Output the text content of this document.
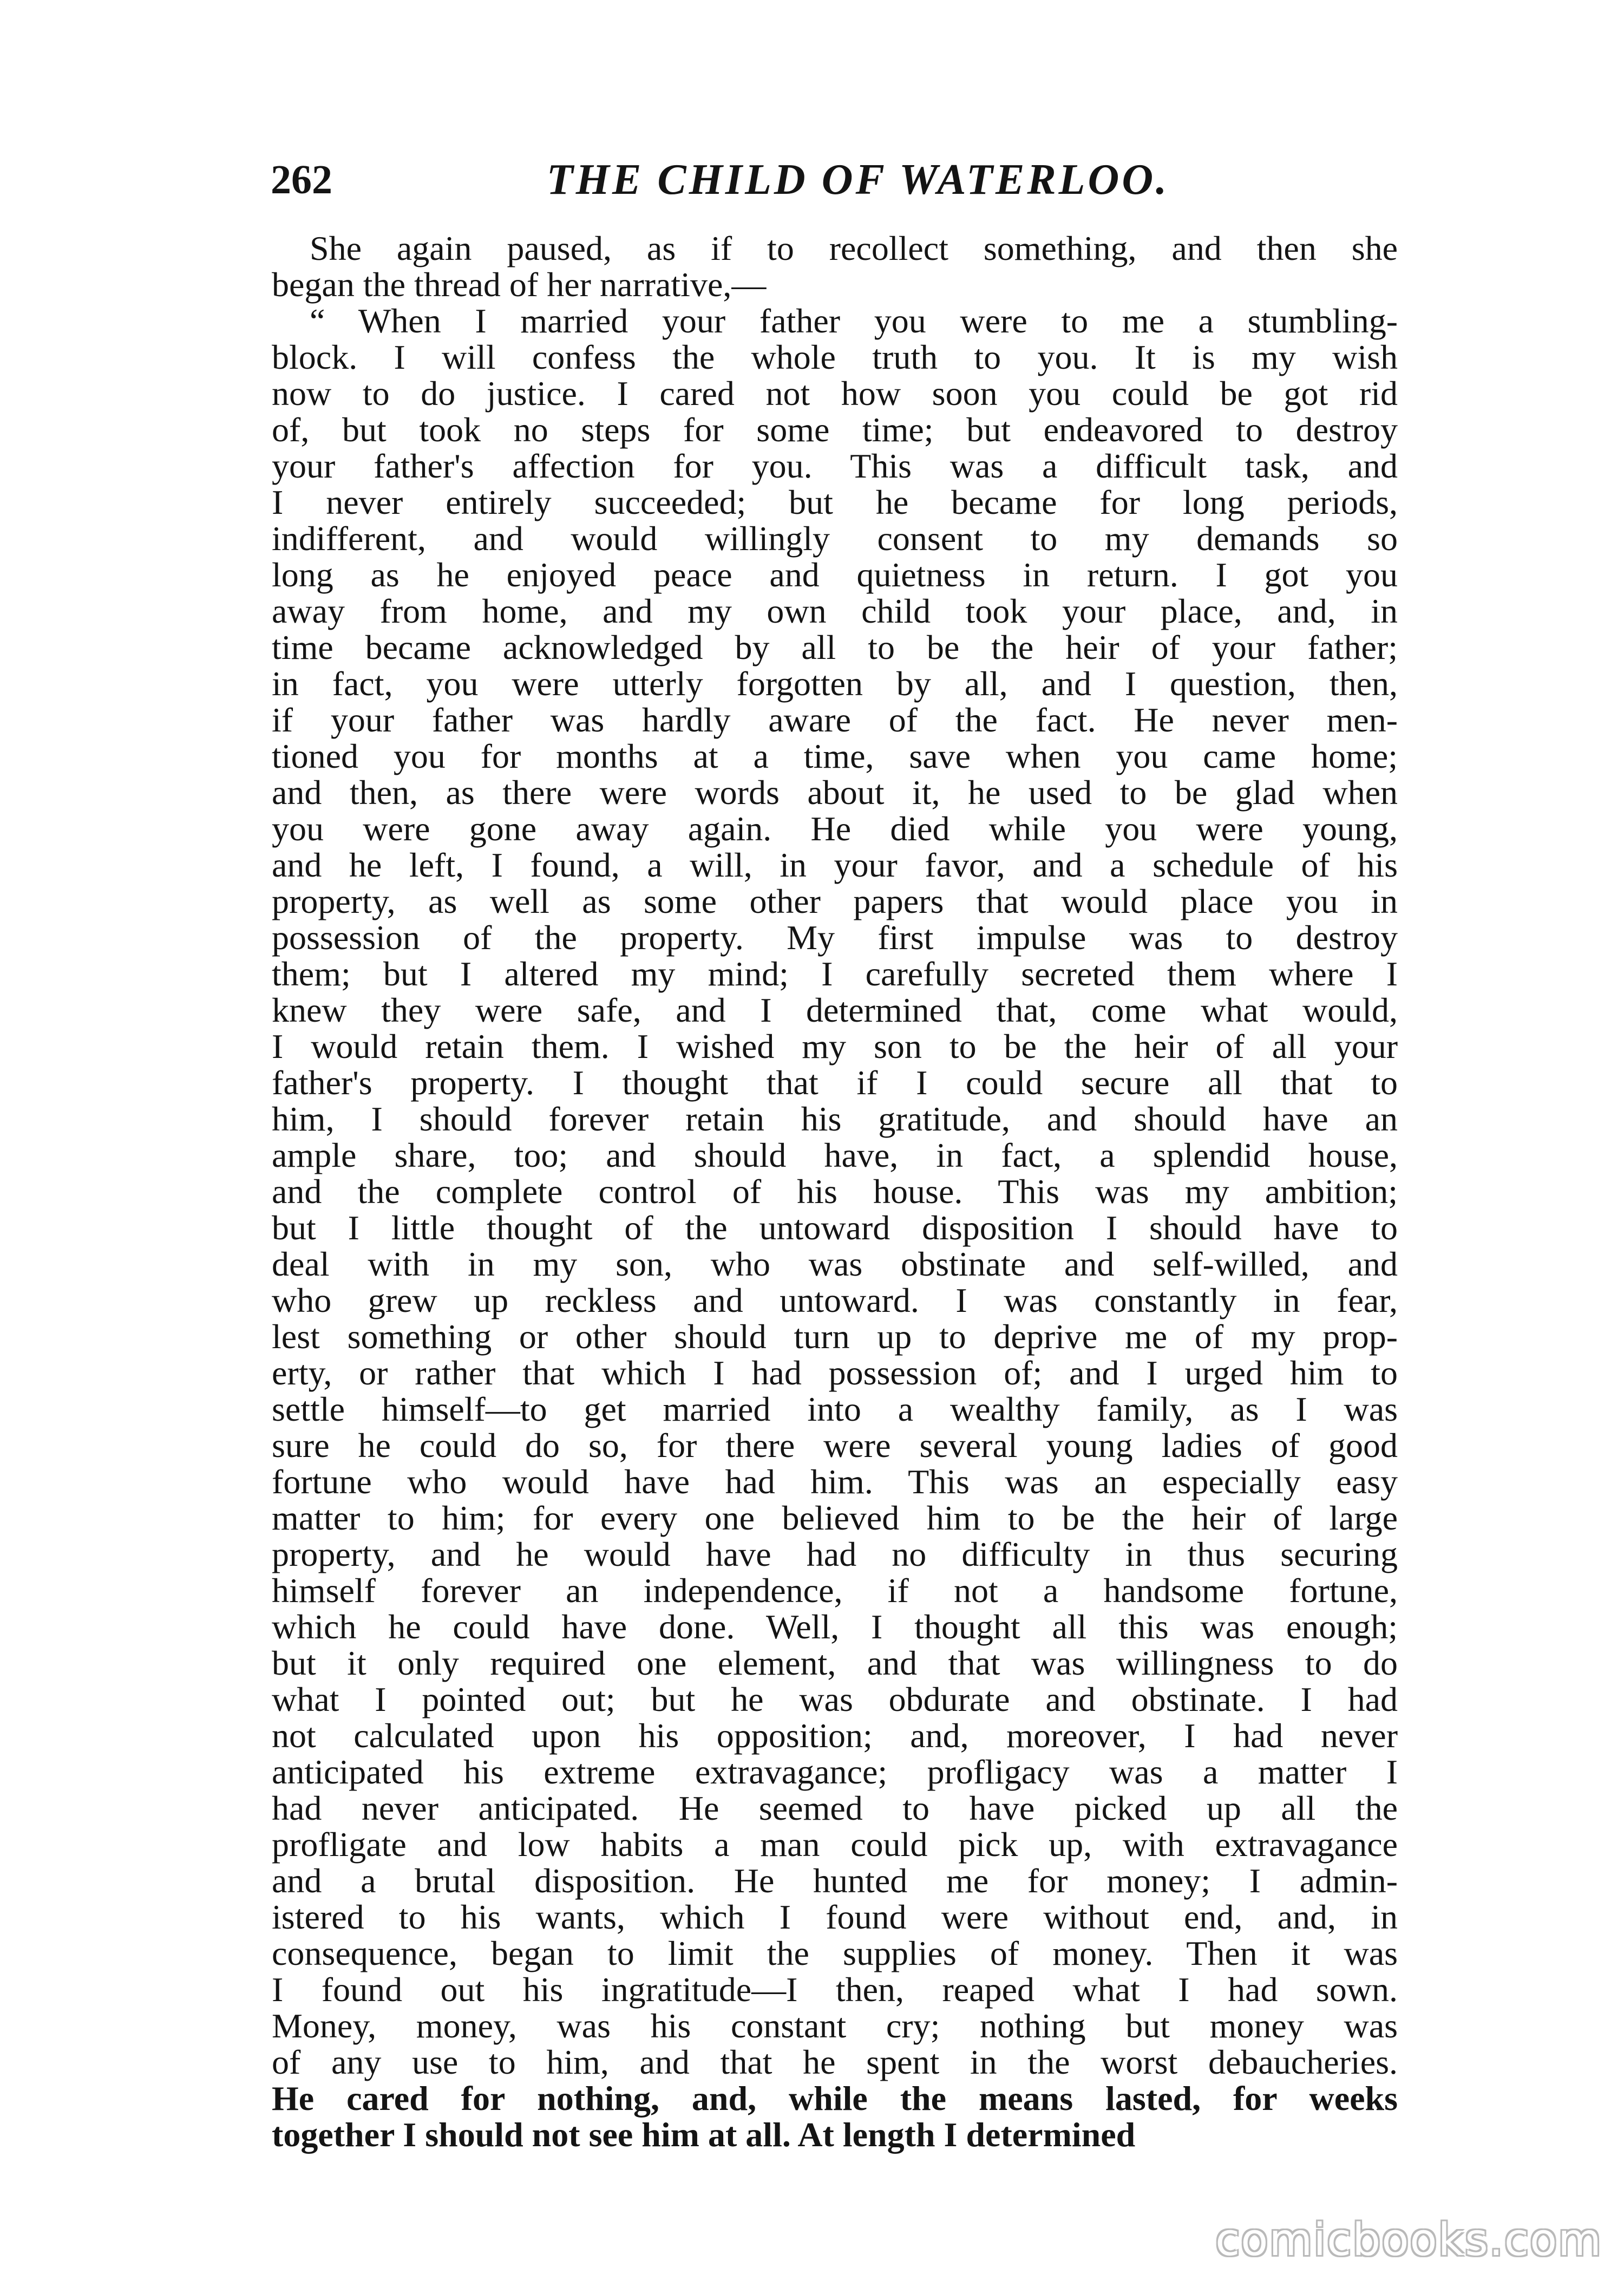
262	THE CHILD OF WATERLOO.
She again paused, as if to recollect something, and then she
began the thread of her narrative,—
“ When I married your father you were to me a stumbling-
block. I will confess the whole truth to you. It is my wish
now to do justice. I cared not how soon you could be got rid
of, but took no steps for some time; but endeavored to destroy
your father's affection for you. This was a difficult task, and
I never entirely succeeded; but he became for long periods,
indifferent, and would willingly consent to my demands so
long as he enjoyed peace and quietness in return. I got you
away from home, and my own child took your place, and, in
time became acknowledged by all to be the heir of your father;
in fact, you were utterly forgotten by all, and I question, then,
if your father was hardly aware of the fact. He never men-
tioned you for months at a time, save when you came home;
and then, as there were words about it, he used to be glad when
you were gone away again. He died while you were young,
and he left, I found, a will, in your favor, and a schedule of his
property, as well as some other papers that would place you in
possession of the property. My first impulse was to destroy
them; but I altered my mind; I carefully secreted them where I
knew they were safe, and I determined that, come what would,
I would retain them. I wished my son to be the heir of all your
father's property. I thought that if I could secure all that to
him, I should forever retain his gratitude, and should have an
ample share, too; and should have, in fact, a splendid house,
and the complete control of his house. This was my ambition;
but I little thought of the untoward disposition I should have to
deal with in my son, who was obstinate and self-willed, and
who grew up reckless and untoward. I was constantly in fear,
lest something or other should turn up to deprive me of my prop-
erty, or rather that which I had possession of; and I urged him to
settle himself—to get married into a wealthy family, as I was
sure he could do so, for there were several young ladies of good
fortune who would have had him. This was an especially easy
matter to him; for every one believed him to be the heir of large
property, and he would have had no difficulty in thus securing
himself forever an independence, if not a handsome fortune,
which he could have done. Well, I thought all this was enough;
but it only required one element, and that was willingness to do
what I pointed out; but he was obdurate and obstinate. I had
not calculated upon his opposition; and, moreover, I had never
anticipated his extreme extravagance; profligacy was a matter I
had never anticipated. He seemed to have picked up all the
profligate and low habits a man could pick up, with extravagance
and a brutal disposition. He hunted me for money; I admin-
istered to his wants, which I found were without end, and, in
consequence, began to limit the supplies of money. Then it was
I found out his ingratitude—I then, reaped what I had sown.
Money, money, was his constant cry; nothing but money was
of any use to him, and that he spent in the worst debaucheries.
He cared for nothing, and, while the means lasted, for weeks
together I should not see him at all. At length I determined
comicbooks.com
